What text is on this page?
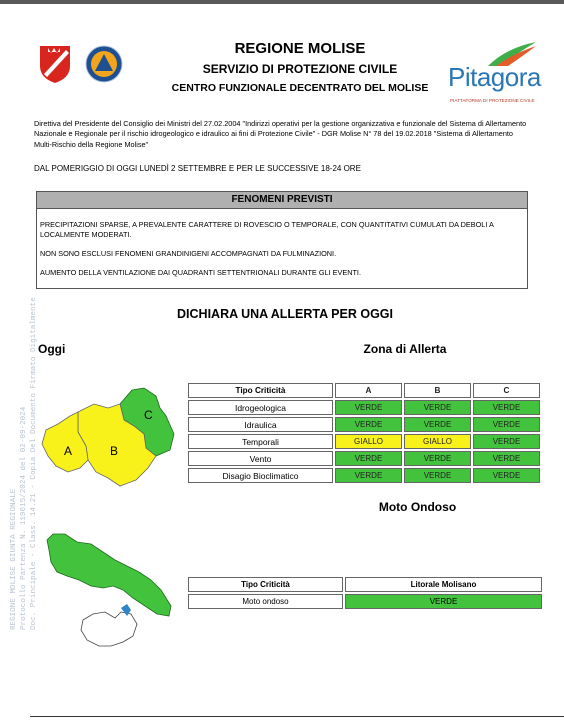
REGIONE MOLISE GIUNTA REGIONALE Protocollo Partenza N. 119615/2024 del 02-09-2024 Doc. Principale - Class. 14.21 - Copia Del Documento Firmato Digitalmente
REGIONE MOLISE
SERVIZIO DI PROTEZIONE CIVILE
CENTRO FUNZIONALE DECENTRATO DEL MOLISE Pitagora
PIATTAFORMA DI PROTEZIONE CIVILE
Direttiva del Presidente del Consiglio dei Ministri del 27.02.2004 "Indirizzi operativi per la gestione organizzativa e funzionale del Sistema di Allertamento Nazionale e Regionale per il rischio idrogeologico e idraulico ai fini di Protezione Civile" - DGR Molise N° 78 del 19.02.2018 "Sistema di Allertamento Multi-Rischio della Regione Molise"
DAL POMERIGGIO DI OGGI LUNEDÌ 2 SETTEMBRE E PER LE SUCCESSIVE 18-24 ORE
FENOMENI PREVISTI

PRECIPITAZIONI SPARSE, A PREVALENTE CARATTERE DI ROVESCIO O TEMPORALE, CON QUANTITATIVI CUMULATI DA DEBOLI A LOCALMENTE MODERATI.

NON SONO ESCLUSI FENOMENI GRANDINIGENI ACCOMPAGNATI DA FULMINAZIONI.

AUMENTO DELLA VENTILAZIONE DAI QUADRANTI SETTENTRIONALI DURANTE GLI EVENTI.

DICHIARA UNA ALLERTA PER OGGI
Oggi	Zona di Allerta
A	B
C
Tipo Criticità	A	B	C
Idrogeologica	VERDE	VERDE	VERDE
Idraulica	VERDE	VERDE	VERDE
Temporali	GIALLO	GIALLO	VERDE
Vento	VERDE	VERDE	VERDE
Disagio Bioclimatico	VERDE	VERDE	VERDE
Moto Ondoso
Tipo Criticità	Litorale Molisano
Moto ondoso	VERDE
